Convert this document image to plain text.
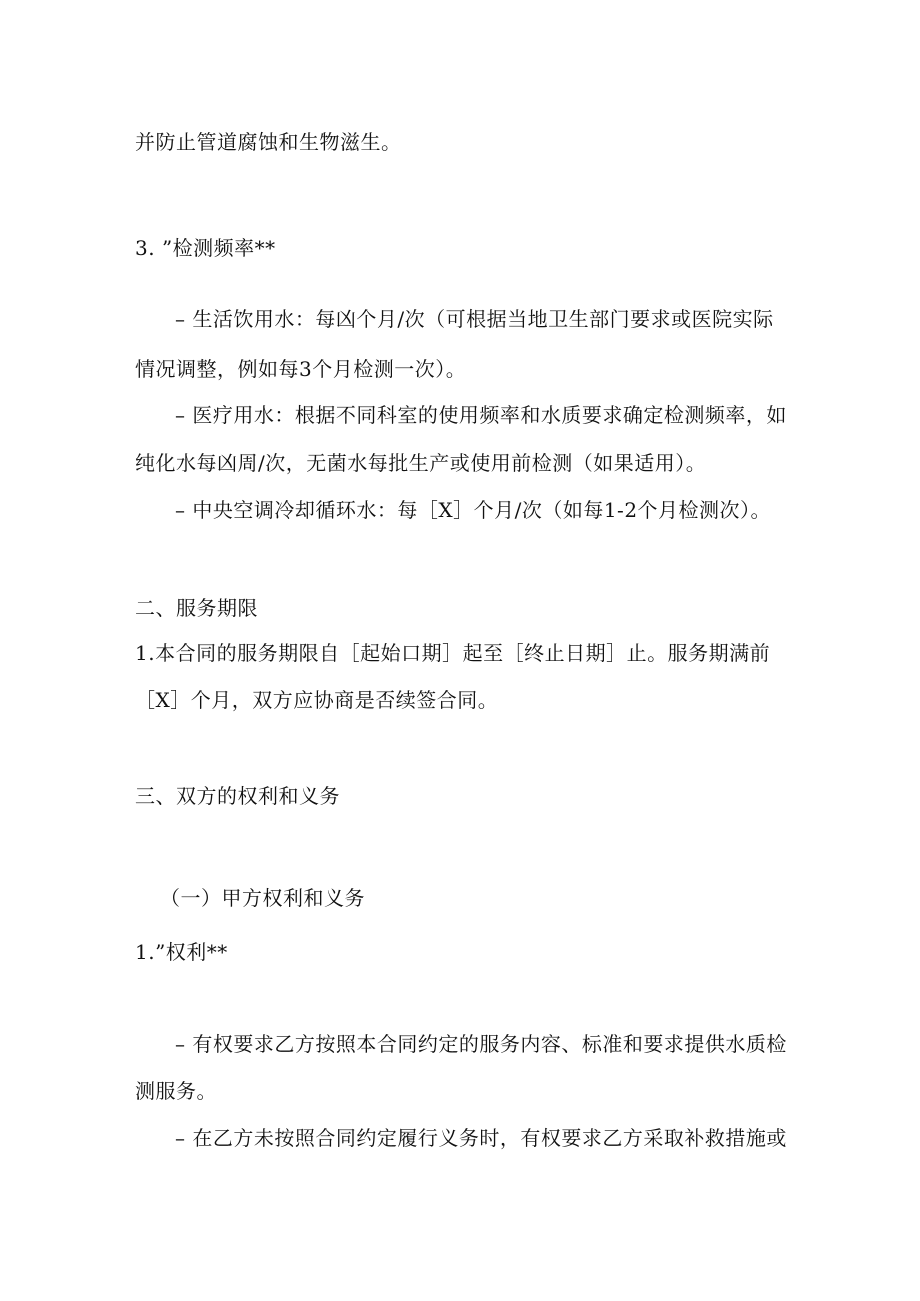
并防止管道腐蚀和生物滋生。
3. ”检测频率**
– 生活饮用水：每凶个月/次（可根据当地卫生部门要求或医院实际
情况调整，例如每3个月检测一次）。
– 医疗用水：根据不同科室的使用频率和水质要求确定检测频率，如
纯化水每凶周/次，无菌水每批生产或使用前检测（如果适用）。
– 中央空调冷却循环水：每［X］个月/次（如每1-2个月检测次）。
二、服务期限
1.本合同的服务期限自［起始口期］起至［终止日期］止。服务期满前
［X］个月，双方应协商是否续签合同。
三、双方的权利和义务
（一）甲方权利和义务
1.”权利**
– 有权要求乙方按照本合同约定的服务内容、标准和要求提供水质检
测服务。
– 在乙方未按照合同约定履行义务时，有权要求乙方采取补救措施或
